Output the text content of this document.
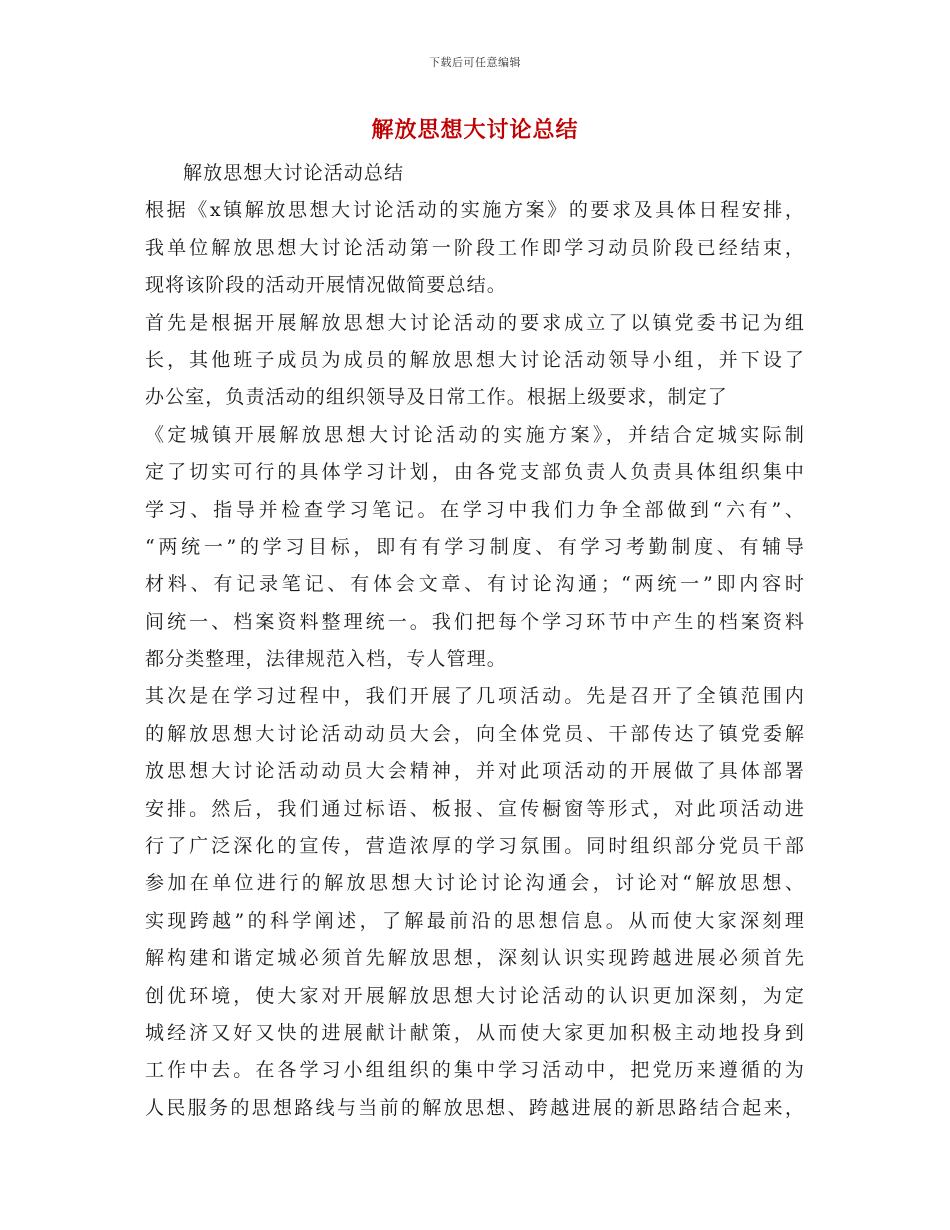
下载后可任意编辑
解放思想大讨论总结
解放思想大讨论活动总结
根据《x镇解放思想大讨论活动的实施方案》的要求及具体日程安排，
我单位解放思想大讨论活动第一阶段工作即学习动员阶段已经结束，
现将该阶段的活动开展情况做简要总结。
首先是根据开展解放思想大讨论活动的要求成立了以镇党委书记为组
长，其他班子成员为成员的解放思想大讨论活动领导小组，并下设了
办公室，负责活动的组织领导及日常工作。根据上级要求，制定了
《定城镇开展解放思想大讨论活动的实施方案》，并结合定城实际制
定了切实可行的具体学习计划，由各党支部负责人负责具体组织集中
学习、指导并检查学习笔记。在学习中我们力争全部做到“六有”、
“两统一”的学习目标，即有有学习制度、有学习考勤制度、有辅导
材料、有记录笔记、有体会文章、有讨论沟通；“两统一”即内容时
间统一、档案资料整理统一。我们把每个学习环节中产生的档案资料
都分类整理，法律规范入档，专人管理。
其次是在学习过程中，我们开展了几项活动。先是召开了全镇范围内
的解放思想大讨论活动动员大会，向全体党员、干部传达了镇党委解
放思想大讨论活动动员大会精神，并对此项活动的开展做了具体部署
安排。然后，我们通过标语、板报、宣传橱窗等形式，对此项活动进
行了广泛深化的宣传，营造浓厚的学习氛围。同时组织部分党员干部
参加在单位进行的解放思想大讨论讨论沟通会，讨论对“解放思想、
实现跨越”的科学阐述，了解最前沿的思想信息。从而使大家深刻理
解构建和谐定城必须首先解放思想，深刻认识实现跨越进展必须首先
创优环境，使大家对开展解放思想大讨论活动的认识更加深刻，为定
城经济又好又快的进展献计献策，从而使大家更加积极主动地投身到
工作中去。在各学习小组组织的集中学习活动中，把党历来遵循的为
人民服务的思想路线与当前的解放思想、跨越进展的新思路结合起来，
